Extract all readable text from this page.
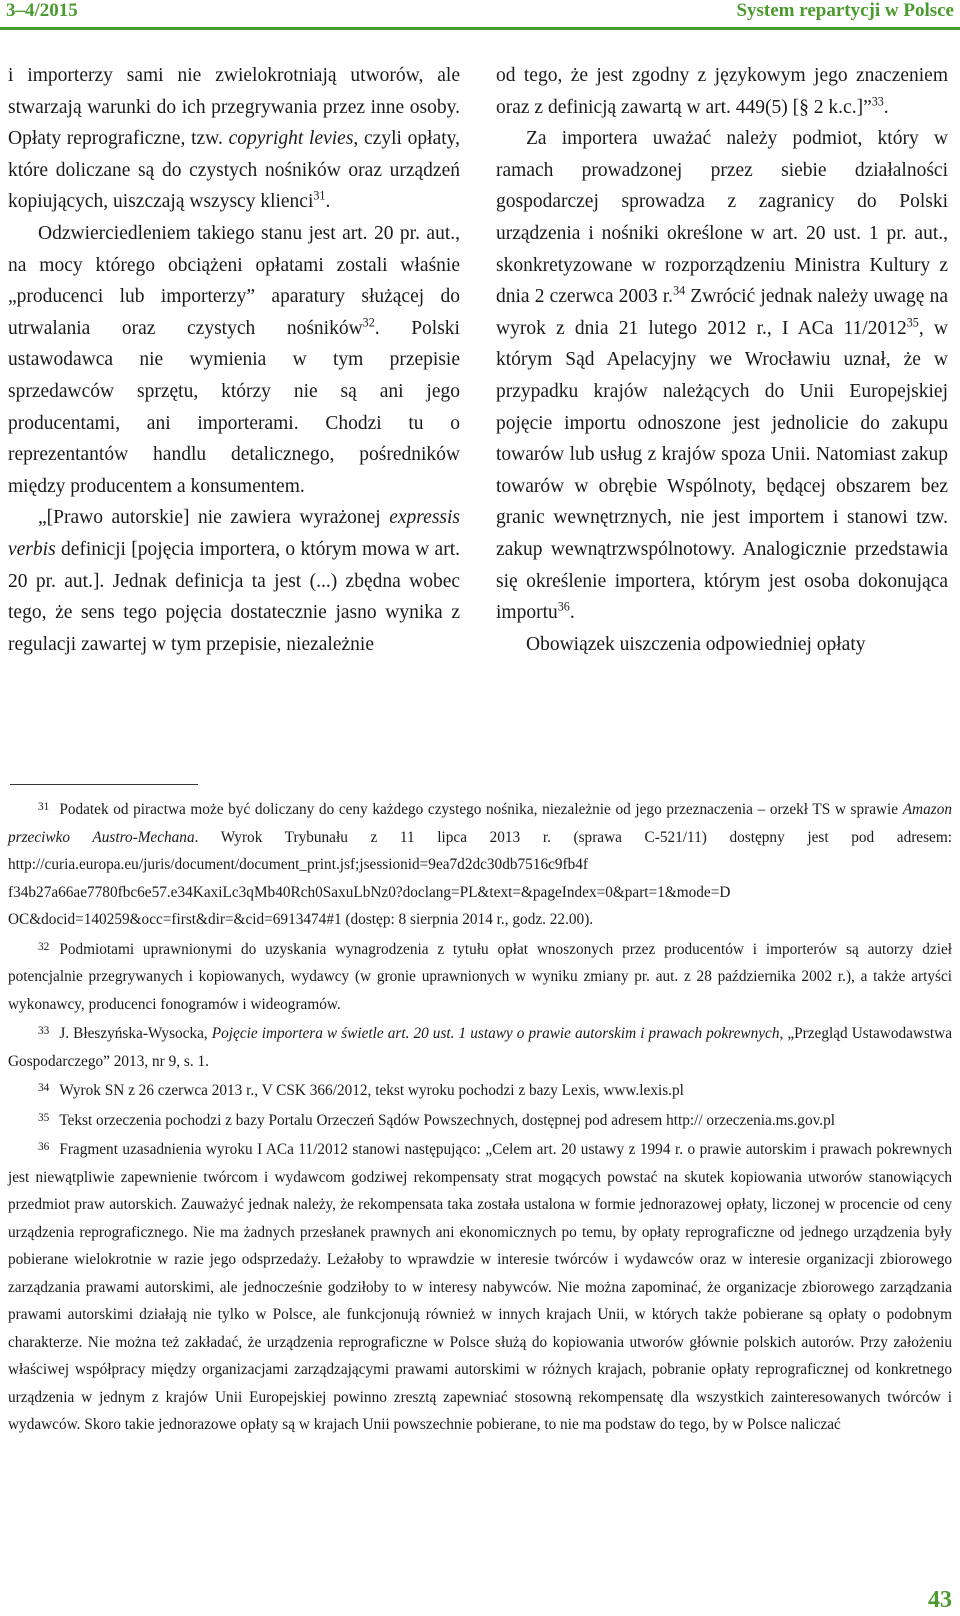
3–4/2015	System repartycji w Polsce

i importerzy sami nie zwielokrotniają utworów, ale stwarzają warunki do ich przegrywania przez inne osoby. Opłaty reprograficzne, tzw. copyright levies, czyli opłaty, które doliczane są do czystych nośników oraz urządzeń kopiujących, uiszczają wszyscy klienci$^{31}$.

Odzwierciedleniem takiego stanu jest art. 20 pr. aut., na mocy którego obciążeni opłatami zostali właśnie „producenci lub importerzy” aparatury służącej do utrwalania oraz czystych nośników$^{32}$. Polski ustawodawca nie wymienia w tym przepisie sprzedawców sprzętu, którzy nie są ani jego producentami, ani importerami. Chodzi tu o reprezentantów handlu detalicznego, pośredników między producentem a konsumentem.

„[Prawo autorskie] nie zawiera wyrażonej expressis verbis definicji [pojęcia importera, o którym mowa w art. 20 pr. aut.]. Jednak definicja ta jest (...) zbędna wobec tego, że sens tego pojęcia dostatecznie jasno wynika z regulacji zawartej w tym przepisie, niezależnie

od tego, że jest zgodny z językowym jego znaczeniem oraz z definicją zawartą w art. 449(5) [§ 2 k.c.]”$^{33}$.

Za importera uważać należy podmiot, który w ramach prowadzonej przez siebie działalności gospodarczej sprowadza z zagranicy do Polski urządzenia i nośniki określone w art. 20 ust. 1 pr. aut., skonkretyzowane w rozporządzeniu Ministra Kultury z dnia 2 czerwca 2003 r.$^{34}$ Zwrócić jednak należy uwagę na wyrok z dnia 21 lutego 2012 r., I ACa 11/2012$^{35}$, w którym Sąd Apelacyjny we Wrocławiu uznał, że w przypadku krajów należących do Unii Europejskiej pojęcie importu odnoszone jest jednolicie do zakupu towarów lub usług z krajów spoza Unii. Natomiast zakup towarów w obrębie Wspólnoty, będącej obszarem bez granic wewnętrznych, nie jest importem i stanowi tzw. zakup wewnątrzwspólnotowy. Analogicznie przedstawia się określenie importera, którym jest osoba dokonująca importu$^{36}$.

Obowiązek uiszczenia odpowiedniej opłaty

$^{31}$ Podatek od piractwa może być doliczany do ceny każdego czystego nośnika, niezależnie od jego przeznaczenia – orzekł TS w sprawie Amazon przeciwko Austro-Mechana. Wyrok Trybunału z 11 lipca 2013 r. (sprawa C-521/11) dostępny jest pod adresem: http://curia.europa.eu/juris/document/document_print.jsf;jsessionid=9ea7d2dc30db7516c9fb4f f34b27a66ae7780fbc6e57.e34KaxiLc3qMb40Rch0SaxuLbNz0?doclang=PL&text=&pageIndex=0&part=1&mode=D OC&docid=140259&occ=first&dir=&cid=6913474#1 (dostęp: 8 sierpnia 2014 r., godz. 22.00).

$^{32}$ Podmiotami uprawnionymi do uzyskania wynagrodzenia z tytułu opłat wnoszonych przez producentów i importerów są autorzy dzieł potencjalnie przegrywanych i kopiowanych, wydawcy (w gronie uprawnionych w wyniku zmiany pr. aut. z 28 października 2002 r.), a także artyści wykonawcy, producenci fonogramów i wideogramów.

$^{33}$ J. Błeszyńska-Wysocka, Pojęcie importera w świetle art. 20 ust. 1 ustawy o prawie autorskim i prawach pokrewnych, „Przegląd Ustawodawstwa Gospodarczego” 2013, nr 9, s. 1.

$^{34}$ Wyrok SN z 26 czerwca 2013 r., V CSK 366/2012, tekst wyroku pochodzi z bazy Lexis, www.lexis.pl

$^{35}$ Tekst orzeczenia pochodzi z bazy Portalu Orzeczeń Sądów Powszechnych, dostępnej pod adresem http:// orzeczenia.ms.gov.pl

$^{36}$ Fragment uzasadnienia wyroku I ACa 11/2012 stanowi następująco: „Celem art. 20 ustawy z 1994 r. o prawie autorskim i prawach pokrewnych jest niewątpliwie zapewnienie twórcom i wydawcom godziwej rekompensaty strat mogących powstać na skutek kopiowania utworów stanowiących przedmiot praw autorskich. Zauważyć jednak należy, że rekompensata taka została ustalona w formie jednorazowej opłaty, liczonej w procencie od ceny urządzenia reprograficznego. Nie ma żadnych przesłanek prawnych ani ekonomicznych po temu, by opłaty reprograficzne od jednego urządzenia były pobierane wielokrotnie w razie jego odsprzedaży. Leżałoby to wprawdzie w interesie twórców i wydawców oraz w interesie organizacji zbiorowego zarządzania prawami autorskimi, ale jednocześnie godziłoby to w interesy nabywców. Nie można zapominać, że organizacje zbiorowego zarządzania prawami autorskimi działają nie tylko w Polsce, ale funkcjonują również w innych krajach Unii, w których także pobierane są opłaty o podobnym charakterze. Nie można też zakładać, że urządzenia reprograficzne w Polsce służą do kopiowania utworów głównie polskich autorów. Przy założeniu właściwej współpracy między organizacjami zarządzającymi prawami autorskimi w różnych krajach, pobranie opłaty reprograficznej od konkretnego urządzenia w jednym z krajów Unii Europejskiej powinno zresztą zapewniać stosowną rekompensatę dla wszystkich zainteresowanych twórców i wydawców. Skoro takie jednorazowe opłaty są w krajach Unii powszechnie pobierane, to nie ma podstaw do tego, by w Polsce naliczać

43
